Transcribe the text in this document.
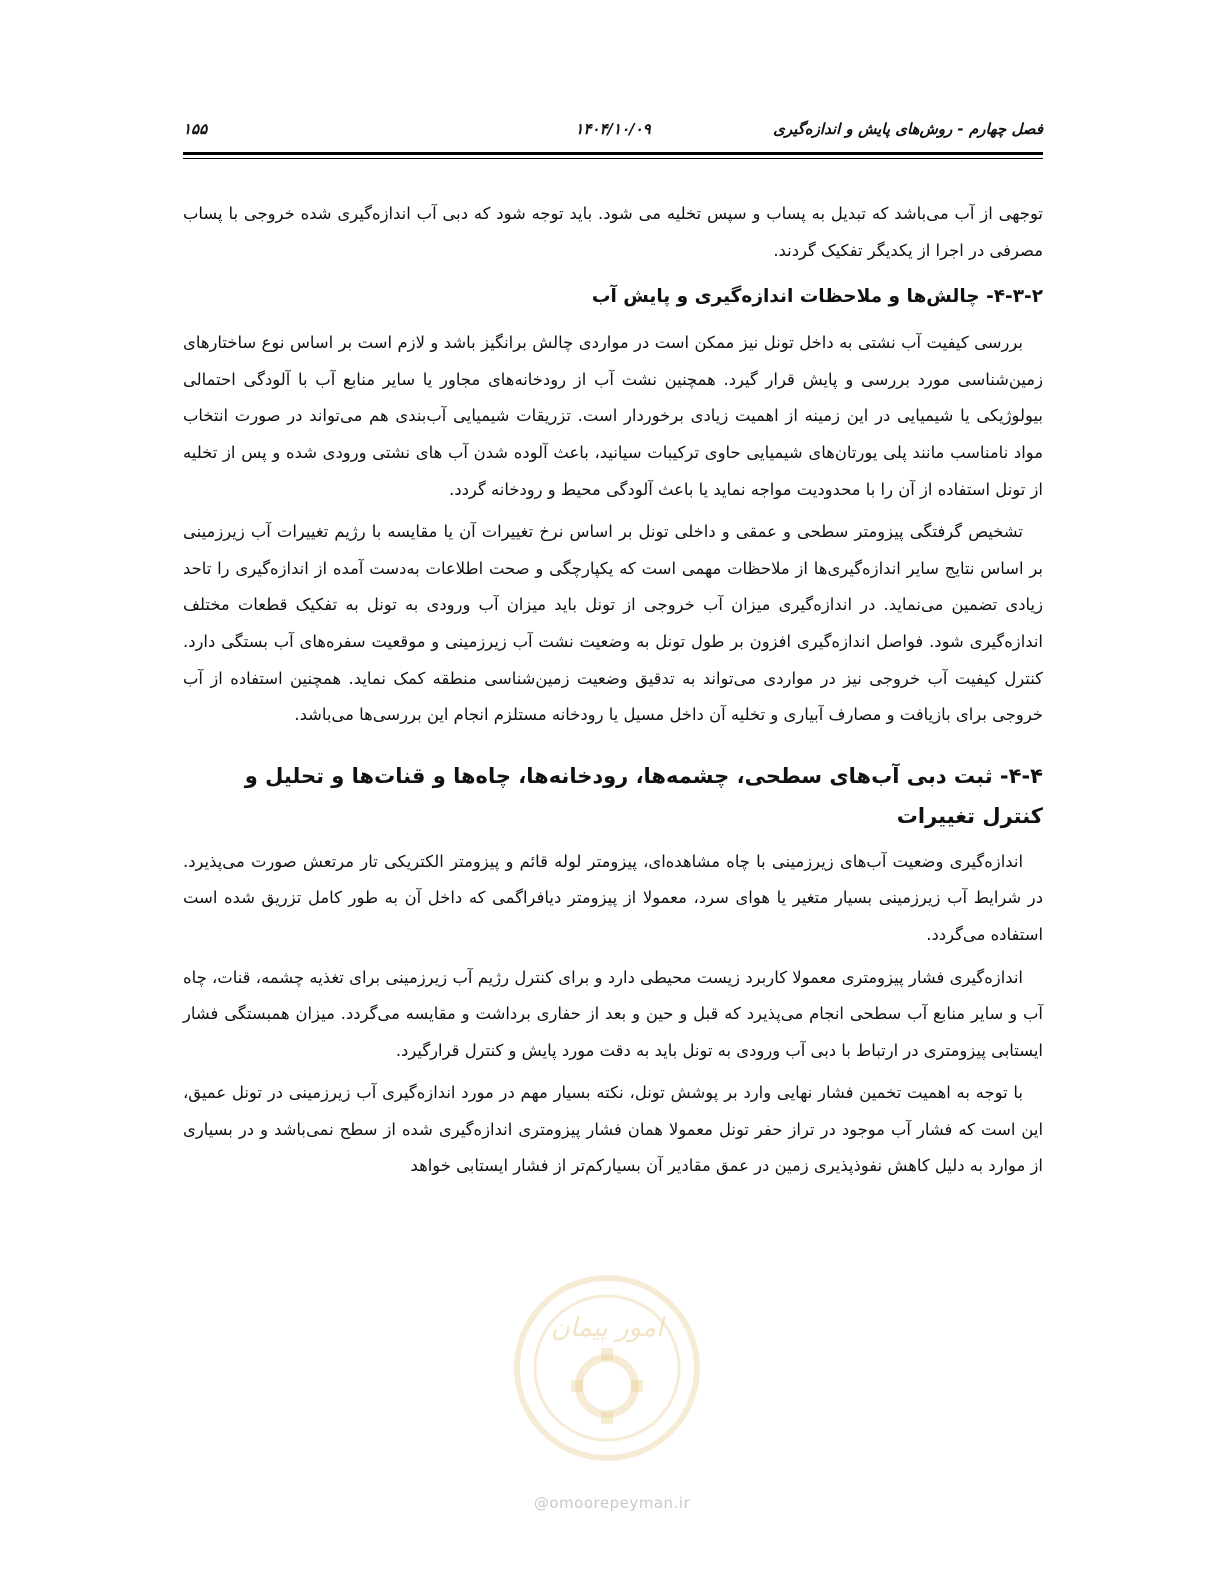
فصل چهارم - روش‌های پایش و اندازه‌گیری
۱۴۰۴/۱۰/۰۹
۱۵۵

توجهی از آب می‌باشد که تبدیل به پساب و سپس تخلیه می شود. باید توجه شود که دبی آب اندازه‌گیری شده خروجی با پساب مصرفی در اجرا از یکدیگر تفکیک گردند.

۴-۳-۲- چالش‌ها و ملاحظات اندازه‌گیری و پایش آب

بررسی کیفیت آب نشتی به داخل تونل نیز ممکن است در مواردی چالش برانگیز باشد و لازم است بر اساس نوع ساختارهای زمین‌شناسی مورد بررسی و پایش قرار گیرد. همچنین نشت آب از رودخانه‌های مجاور یا سایر منابع آب با آلودگی احتمالی بیولوژیکی یا شیمیایی در این زمینه از اهمیت زیادی برخوردار است. تزریقات شیمیایی آب‌بندی هم می‌تواند در صورت انتخاب مواد نامناسب مانند پلی یورتان‌های شیمیایی حاوی ترکیبات سیانید، باعث آلوده شدن آب های نشتی ورودی شده و پس از تخلیه از تونل استفاده از آن را با محدودیت مواجه نماید یا باعث آلودگی محیط و رودخانه گردد.

تشخیص گرفتگی پیزومتر سطحی و عمقی و داخلی تونل بر اساس نرخ تغییرات آن یا مقایسه با رژیم تغییرات آب زیرزمینی بر اساس نتایج سایر اندازه‌گیری‌ها از ملاحظات مهمی است که یکپارچگی و صحت اطلاعات به‌دست آمده از اندازه‌گیری را تاحد زیادی تضمین می‌نماید. در اندازه‌گیری میزان آب خروجی از تونل باید میزان آب ورودی به تونل به تفکیک قطعات مختلف اندازه‌گیری شود. فواصل اندازه‌گیری افزون بر طول تونل به وضعیت نشت آب زیرزمینی و موقعیت سفره‌های آب بستگی دارد. کنترل کیفیت آب خروجی نیز در مواردی می‌تواند به تدقیق وضعیت زمین‌شناسی منطقه کمک نماید. همچنین استفاده از آب خروجی برای بازیافت و مصارف آبیاری و تخلیه آن داخل مسیل یا رودخانه مستلزم انجام این بررسی‌ها می‌باشد.

۴-۴- ثبت دبی آب‌های سطحی، چشمه‌ها، رودخانه‌ها، چاه‌ها و قنات‌ها و تحلیل و کنترل تغییرات

اندازه‌گیری وضعیت آب‌های زیرزمینی با چاه مشاهده‌ای، پیزومتر لوله قائم و پیزومتر الکتریکی تار مرتعش صورت می‌پذیرد. در شرایط آب زیرزمینی بسیار متغیر یا هوای سرد، معمولا از پیزومتر دیافراگمی که داخل آن به طور کامل تزریق شده است استفاده می‌گردد.

اندازه‌گیری فشار پیزومتری معمولا کاربرد زیست محیطی دارد و برای کنترل رژیم آب زیرزمینی برای تغذیه چشمه، قنات، چاه آب و سایر منابع آب سطحی انجام می‌پذیرد که قبل و حین و بعد از حفاری برداشت و مقایسه می‌گردد. میزان همبستگی فشار ایستابی پیزومتری در ارتباط با دبی آب ورودی به تونل باید به دقت مورد پایش و کنترل قرارگیرد.

با توجه به اهمیت تخمین فشار نهایی وارد بر پوشش تونل، نکته بسیار مهم در مورد اندازه‌گیری آب زیرزمینی در تونل عمیق، این است که فشار آب موجود در تراز حفر تونل معمولا همان فشار پیزومتری اندازه‌گیری شده از سطح نمی‌باشد و در بسیاری از موارد به دلیل کاهش نفوذپذیری زمین در عمق مقادیر آن بسیارکم‌تر از فشار ایستابی خواهد

امور پیمان
@omoorepeyman.ir
